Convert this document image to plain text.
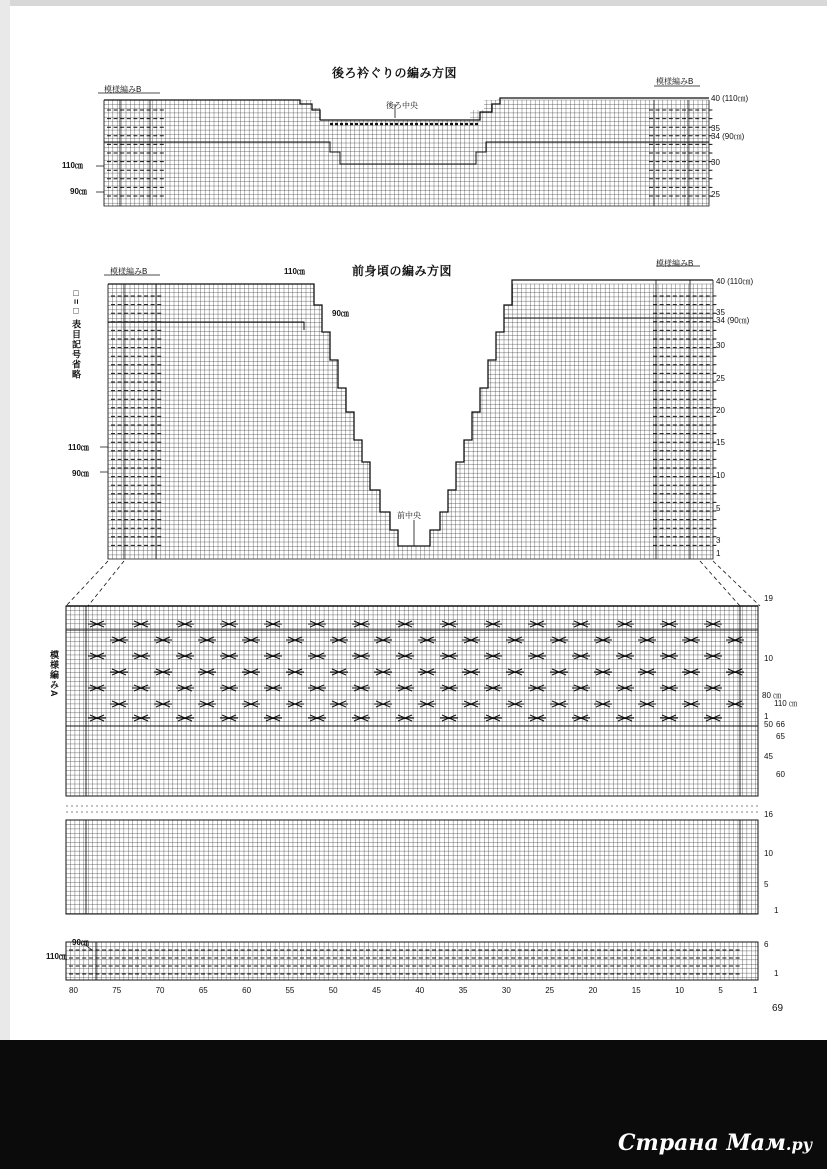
後ろ衿ぐりの編み方図
模様編みB
模様編みB
後ろ中央
110㎝
90㎝
40 (110㎝)
35
34 (90㎝)
30
25
前身頃の編み方図
模様編みB
模様編みB
110㎝
90㎝
110㎝
90㎝
前中央
40 (110㎝)
35
34 (90㎝)
30
25
20
15
10
5
3
1
□=□ 表目記号省略
模様編みA
19
10
80 ㎝
110 ㎝
1
50 66
65
45
60
16
10
5
1
6
1
90㎝
110㎝
80	75	70	65	60	55	50	45	40	35	30	25	20	15	10	5	1
69
Страна Мам.ру
